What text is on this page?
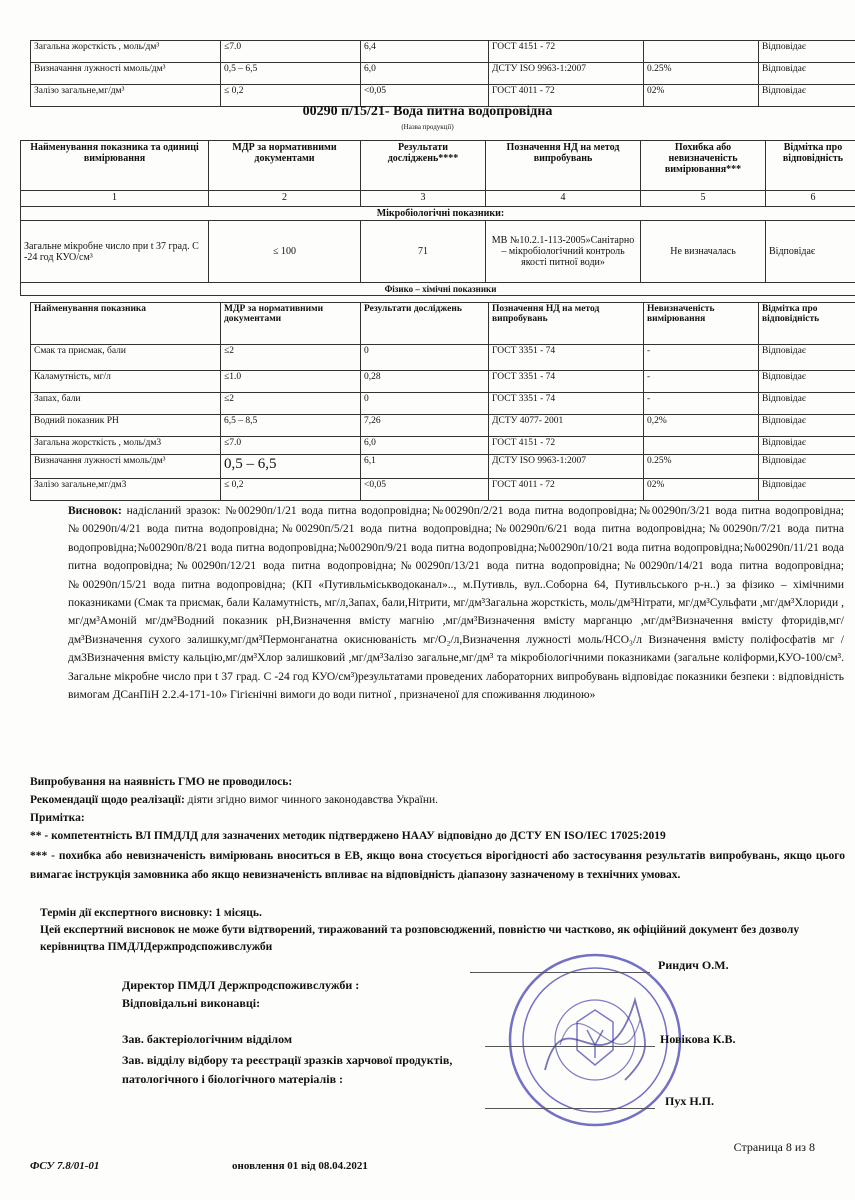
Загальна жорсткість , моль/дм³	≤7.0	6,4	ГОСТ 4151 - 72		Відповідає
Визначання лужності ммоль/дм³	0,5 – 6,5	6,0	ДСТУ ISO 9963-1:2007	0.25%	Відповідає
Залізо загальне,мг/дм³	≤ 0,2	<0,05	ГОСТ 4011 - 72	02%	Відповідає
00290 п/15/21- Вода питна водопровідна
(Назва продукції)
Найменування показника та одиниці вимірювання	МДР за нормативними документами	Результати досліджень****	Позначення НД на метод випробувань	Похибка або невизначеність вимірювання***	Відмітка про відповідність
1	2	3	4	5	6
Мікробіологічні показники:					
Загальне мікробне число при t 37 град. С -24 год КУО/см³	≤ 100	71	МВ №10.2.1-113-2005»Санітарно – мікробіологічний контроль якості питної води»	Не визначалась	Відповідає
Фізико – хімічні показники					
Найменування показника	МДР за нормативними документами	Результати досліджень	Позначення НД на метод випробувань	Невизначеність вимірювання	Відмітка про відповідність
Смак та присмак, бали	≤2	0	ГОСТ 3351 - 74	-	Відповідає
Каламутність, мг/л	≤1.0	0,28	ГОСТ 3351 - 74	-	Відповідає
Запах, бали	≤2	0	ГОСТ 3351 - 74	-	Відповідає
Водний показник РН	6,5 – 8,5	7,26	ДСТУ 4077- 2001	0,2%	Відповідає
Загальна жорсткість , моль/дм3	≤7.0	6,0	ГОСТ 4151 - 72		Відповідає
Визначання лужності ммоль/дм³	0,5 – 6,5	6,1	ДСТУ ISO 9963-1:2007	0.25%	Відповідає
Залізо загальне,мг/дм3	≤ 0,2	<0,05	ГОСТ 4011 - 72	02%	Відповідає
Висновок: надісланий зразок: №00290п/1/21 вода питна водопровідна;№00290п/2/21 вода питна водопровідна;№00290п/3/21 вода питна водопровідна;№00290п/4/21 вода питна водопровідна;№00290п/5/21 вода питна водопровідна;№00290п/6/21 вода питна водопровідна;№00290п/7/21 вода питна водопровідна;№00290п/8/21 вода питна водопровідна;№00290п/9/21 вода питна водопровідна;№00290п/10/21 вода питна водопровідна;№00290п/11/21 вода питна водопровідна;№00290п/12/21 вода питна водопровідна;№00290п/13/21 вода питна водопровідна;№00290п/14/21 вода питна водопровідна;№00290п/15/21 вода питна водопровідна; (КП «Путивльміськводоканал».., м.Путивль, вул..Соборна 64, Путивльського р-н..) за фізико – хімічними показниками (Смак та присмак, бали Каламутність, мг/л,Запах, бали,Нітрити, мг/дм³Загальна жорсткість, моль/дм³Нітрати, мг/дм³Сульфати ,мг/дм³Хлориди , мг/дм³Амоній мг/дм³Водний показник рН,Визначення вмісту магнію ,мг/дм³Визначення вмісту марганцю ,мг/дм³Визначення вмісту фторидів,мг/дм³Визначення сухого залишку,мг/дм³Пермонганатна окиснюваність мг/О₂/л,Визначення лужності моль/НСО₃/л Визначення вмісту поліфосфатів мг /дм3Визначення вмісту кальцію,мг/дм³Хлор залишковий ,мг/дм³Залізо загальне,мг/дм³ та мікробіологічними показниками (загальне коліформи,КУО-100/см³. Загальне мікробне число при t 37 град. С -24 год КУО/см³)результатами проведених лабораторних випробувань відповідає показники безпеки : відповідність вимогам ДСанПіН 2.2.4-171-10» Гігієнічні вимоги до води питної , призначеної для споживання людиною»
Випробування на наявність ГМО не проводилось:
Рекомендації щодо реалізації: діяти згідно вимог чинного законодавства України.
Примітка:
** - компетентність ВЛ ПМДЛД для зазначених методик підтверджено НААУ відповідно до ДСТУ EN ISO/IEC 17025:2019
*** - похибка або невизначеність вимірювань вноситься в ЕВ, якщо вона стосується вірогідності або застосування результатів випробувань, якщо цього вимагає інструкція замовника або якщо невизначеність впливає на відповідність діапазону зазначеному в технічних умовах.
Термін дії експертного висновку: 1 місяць.
Цей експертний висновок не може бути відтворений, тиражований та розповсюджений, повністю чи частково, як офіційний документ без дозволу керівництва ПМДЛДержпродспоживслужби
Директор ПМДЛ Держпродспоживслужби :
Відповідальні виконавці:
Риндич О.М.
Зав. бактеріологічним відділом	Новікова К.В.
Зав. відділу відбору та реєстрації зразків харчової продуктів, патологічного і біологічного матеріалів :
Пух Н.П.
Страница 8 из 8
ФСУ 7.8/01-01	оновлення 01 від 08.04.2021
